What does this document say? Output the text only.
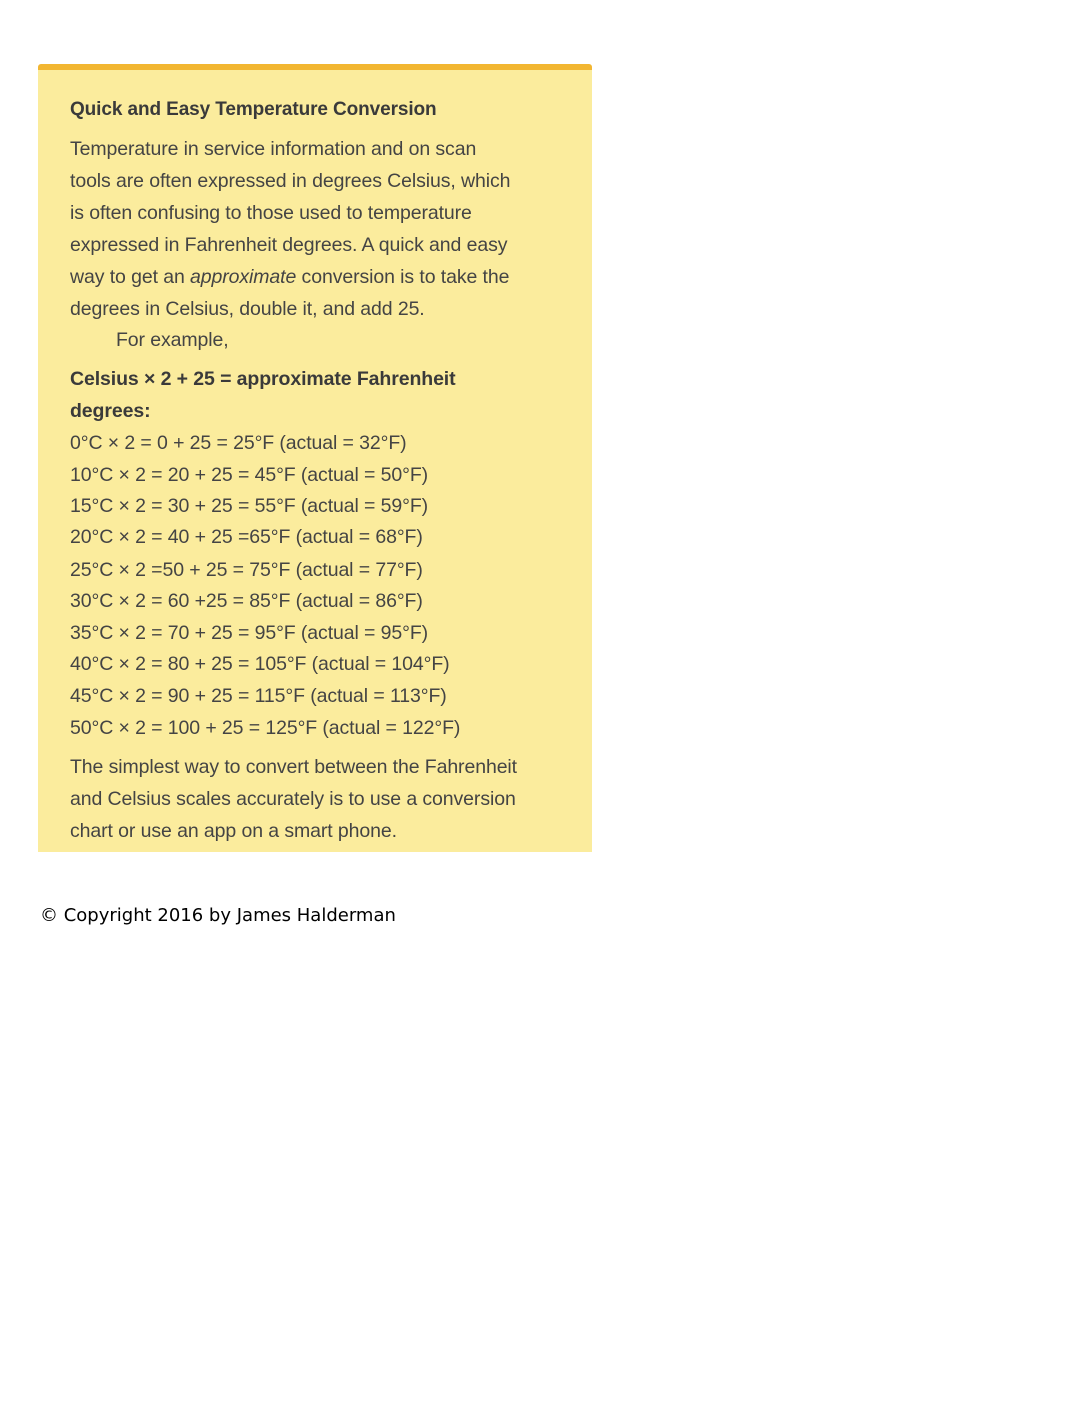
Quick and Easy Temperature Conversion
Temperature in service information and on scan
tools are often expressed in degrees Celsius, which
is often confusing to those used to temperature
expressed in Fahrenheit degrees. A quick and easy
way to get an approximate conversion is to take the
degrees in Celsius, double it, and add 25.
For example,
Celsius × 2 + 25 = approximate Fahrenheit
degrees:
0°C × 2 = 0 + 25 = 25°F (actual = 32°F)
10°C × 2 = 20 + 25 = 45°F (actual = 50°F)
15°C × 2 = 30 + 25 = 55°F (actual = 59°F)
20°C × 2 = 40 + 25 =65°F (actual = 68°F)
25°C × 2 =50 + 25 = 75°F (actual = 77°F)
30°C × 2 = 60 +25 = 85°F (actual = 86°F)
35°C × 2 = 70 + 25 = 95°F (actual = 95°F)
40°C × 2 = 80 + 25 = 105°F (actual = 104°F)
45°C × 2 = 90 + 25 = 115°F (actual = 113°F)
50°C × 2 = 100 + 25 = 125°F (actual = 122°F)
The simplest way to convert between the Fahrenheit
and Celsius scales accurately is to use a conversion
chart or use an app on a smart phone.
© Copyright 2016 by James Halderman
